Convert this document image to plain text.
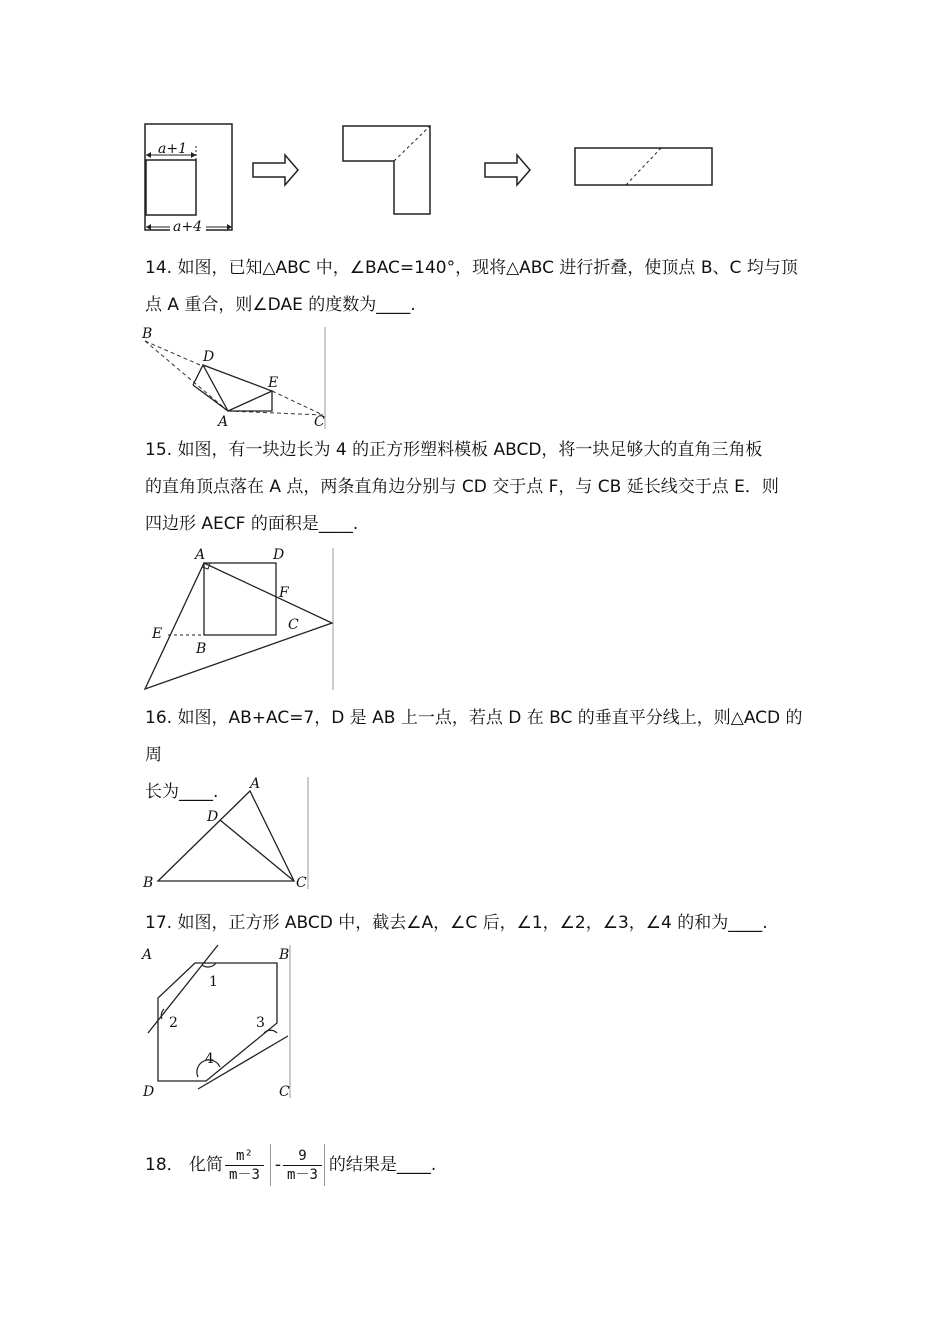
a+1
a+4

14. 如图，已知△ABC 中，∠BAC=140°，现将△ABC 进行折叠，使顶点 B、C 均与顶
点 A 重合，则∠DAE 的度数为____.

B
D
E
A	C

15. 如图，有一块边长为 4 的正方形塑料模板 ABCD，将一块足够大的直角三角板
的直角顶点落在 A 点，两条直角边分别与 CD 交于点 F，与 CB 延长线交于点 E．则
四边形 AECF 的面积是____.

A	D
F
C
E
B

16. 如图，AB+AC=7，D 是 AB 上一点，若点 D 在 BC 的垂直平分线上，则△ACD 的周
长为____.	A
D
B	C

17. 如图，正方形 ABCD 中，截去∠A，∠C 后，∠1，∠2，∠3，∠4 的和为____.

A	B
C
D
1
2	3
4
18． 化简 $\frac{\text{m²}}{m-3} - \frac{9}{m-3}$ 的结果是____.
